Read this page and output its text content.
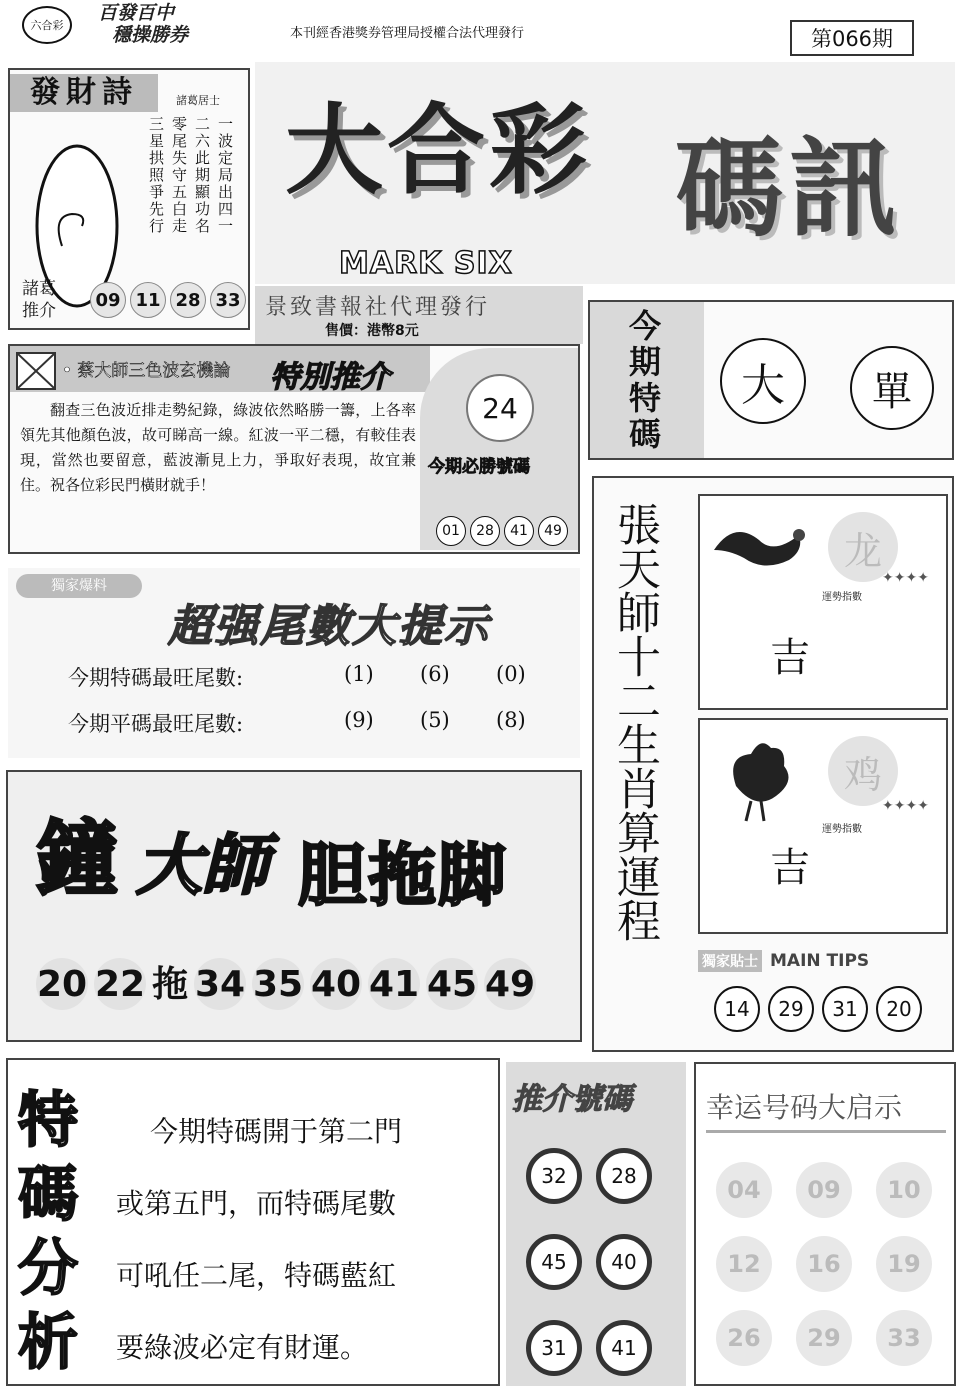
六合彩
百發百中
穩操勝券	本刊經香港獎券管理局授權合法代理發行	第066期
發財詩	諸葛居士
一波定局出四一
二六此期顯功名
零尾失守五白走
三星拱照爭先行
諸葛推介
09 11 28 33
大合彩 碼訊
MARK SIX
景致書報社代理發行
售價：港幣8元
• 蔡大師三色波玄機論 特別推介
翻查三色波近排走勢紀錄，綠波依然略勝一籌，上各率領先其他顏色波，故可睇高一線。紅波一平二穩，有較佳表現，當然也要留意，藍波漸見上力，爭取好表現，故宜兼住。祝各位彩民門橫財就手！
24
今期必勝號碼
01	28	41	49
今期特碼
大	單
張天師十二生肖算運程	龙
運勢指數
✦✦✦✦
吉
鸡
運勢指數
✦✦✦✦
吉
獨家貼士 MAIN TIPS
14	29	31	20
獨家爆料
超强尾數大提示
今期特碼最旺尾數:	(1)	(6)	(0)
今期平碼最旺尾數:	(9)	(5)	(8)
鐘 大師 胆拖脚
20 22 拖 34 35 40 41 45 49
特碼分析
今期特碼開于第二門
或第五門，而特碼尾數
可吼任二尾，特碼藍紅
要綠波必定有財運。
推介號碼
32	28
45	40
31	41
幸运号码大启示
04	09	10
12	16	19
26	29	33
